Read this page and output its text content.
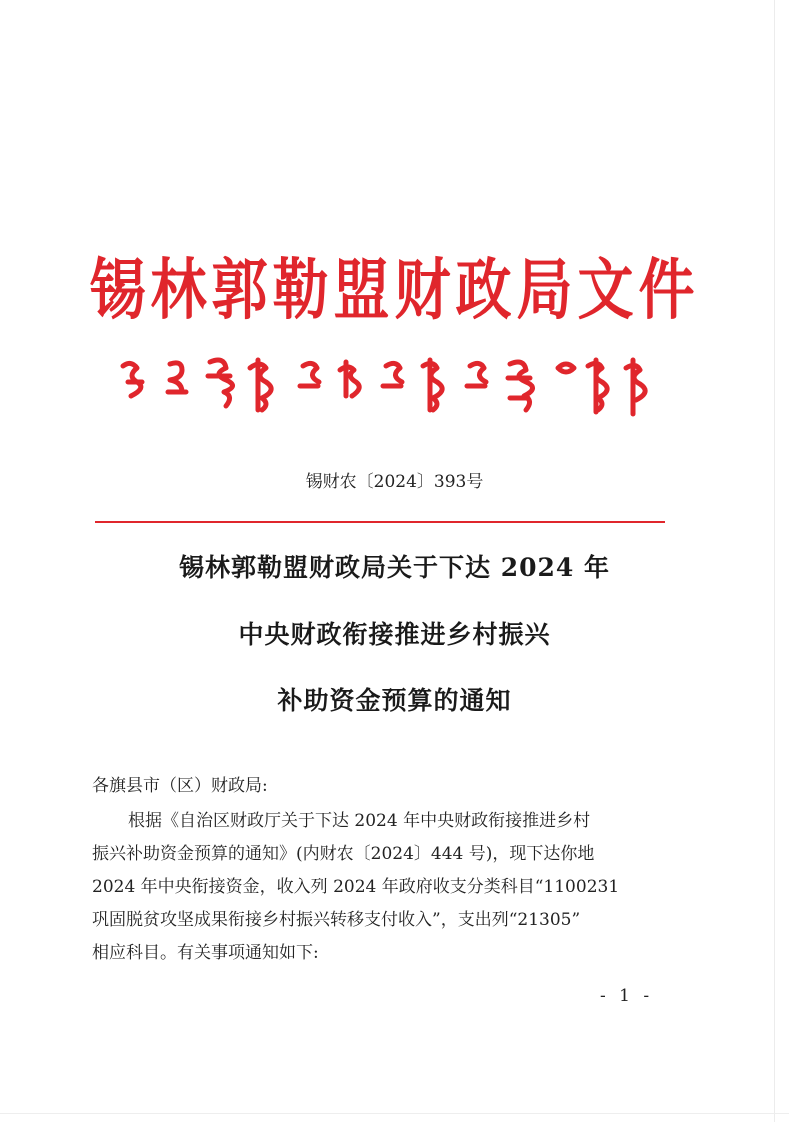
锡林郭勒盟财政局文件
锡财农〔2024〕393号
锡林郭勒盟财政局关于下达 2024 年
中央财政衔接推进乡村振兴
补助资金预算的通知
各旗县市（区）财政局:
根据《自治区财政厅关于下达 2024 年中央财政衔接推进乡村
振兴补助资金预算的通知》(内财农〔2024〕444 号)，现下达你地
2024 年中央衔接资金，收入列 2024 年政府收支分类科目“1100231
巩固脱贫攻坚成果衔接乡村振兴转移支付收入”，支出列“21305”
相应科目。有关事项通知如下:
- 1 -
